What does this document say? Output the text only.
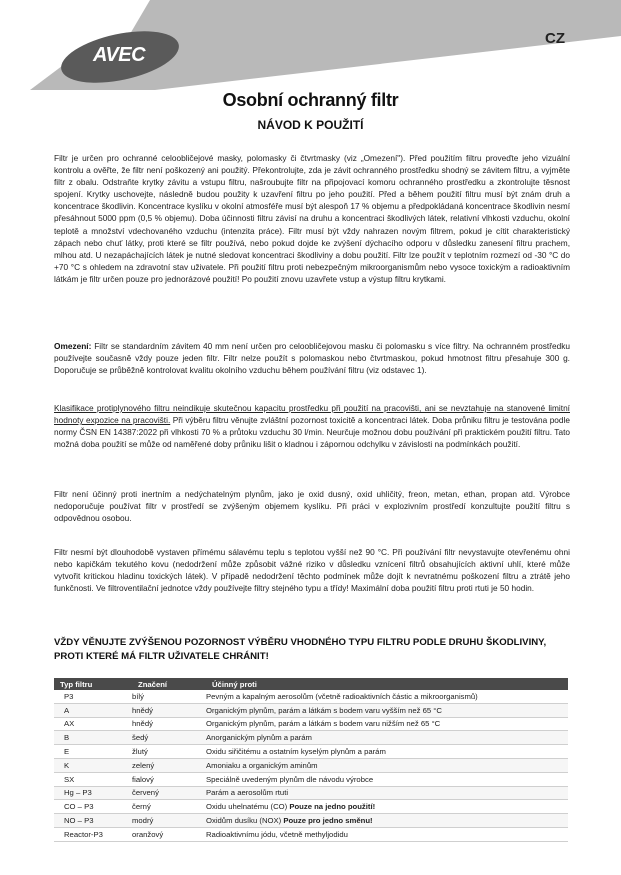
AVEC
CZ
Osobní ochranný filtr
NÁVOD K POUŽITÍ

Filtr je určen pro ochranné celoobličejové masky, polomasky či čtvrtmasky (viz „Omezení"). Před použitím filtru proveďte jeho vizuální kontrolu a ověřte, že filtr není poškozený ani použitý. Překontrolujte, zda je závit ochranného prostředku shodný se závitem filtru, a vyjměte filtr z obalu. Odstraňte krytky závitu a vstupu filtru, našroubujte filtr na připojovací komoru ochranného prostředku a zkontrolujte těsnost spojení. Krytky uschovejte, následně budou použity k uzavření filtru po jeho použití. Před a během použití filtru musí být znám druh a koncentrace škodlivin. Koncentrace kyslíku v okolní atmosféře musí být alespoň 17 % objemu a předpokládaná koncentrace škodlivin nesmí přesáhnout 5000 ppm (0,5 % objemu). Doba účinnosti filtru závisí na druhu a koncentraci škodlivých látek, relativní vlhkosti vzduchu, okolní teplotě a množství vdechovaného vzduchu (intenzita práce). Filtr musí být vždy nahrazen novým filtrem, pokud je cítit charakteristický zápach nebo chuť látky, proti které se filtr používá, nebo pokud dojde ke zvýšení dýchacího odporu v důsledku zanesení filtru prachem, mlhou atd. U nezapáchajících látek je nutné sledovat koncentraci škodliviny a dobu použití. Filtr lze použít v teplotním rozmezí od -30 °C do +70 °C s ohledem na zdravotní stav uživatele. Při použití filtru proti nebezpečným mikroorganismům nebo vysoce toxickým a radioaktivním látkám je filtr určen pouze pro jednorázové použití! Po použití znovu uzavřete vstup a výstup filtru krytkami.

Omezení: Filtr se standardním závitem 40 mm není určen pro celoobličejovou masku či polomasku s více filtry. Na ochranném prostředku používejte současně vždy pouze jeden filtr. Filtr nelze použít s polomaskou nebo čtvrtmaskou, pokud hmotnost filtru přesahuje 300 g. Doporučuje se průběžně kontrolovat kvalitu okolního vzduchu během používání filtru (viz odstavec 1).

Klasifikace protiplynového filtru neindikuje skutečnou kapacitu prostředku při použití na pracovišti, ani se nevztahuje na stanovené limitní hodnoty expozice na pracovišti. Při výběru filtru věnujte zvláštní pozornost toxicitě a koncentraci látek. Doba průniku filtru je testována podle normy ČSN EN 14387:2022 při vlhkosti 70 % a průtoku vzduchu 30 l/min. Neurčuje možnou dobu používání při praktickém použití filtru. Tato možná doba použití se může od naměřené doby průniku lišit o kladnou i zápornou odchylku v závislosti na podmínkách použití.

Filtr není účinný proti inertním a nedýchatelným plynům, jako je oxid dusný, oxid uhličitý, freon, metan, ethan, propan atd. Výrobce nedoporučuje používat filtr v prostředí se zvýšeným objemem kyslíku. Při práci v explozivním prostředí konzultujte použití filtru s odpovědnou osobou.

Filtr nesmí být dlouhodobě vystaven přímému sálavému teplu s teplotou vyšší než 90 °C. Při používání filtr nevystavujte otevřenému ohni nebo kapičkám tekutého kovu (nedodržení může způsobit vážné riziko v důsledku vznícení filtrů obsahujících aktivní uhlí, které může vytvořit kritickou hladinu toxických látek). V případě nedodržení těchto podmínek může dojít k nevratnému poškození filtru a ztrátě jeho funkčnosti. Ve filtroventilační jednotce vždy používejte filtry stejného typu a třídy! Maximální doba použití filtru proti rtuti je 50 hodin.

VŽDY VĚNUJTE ZVÝŠENOU POZORNOST VÝBĚRU VHODNÉHO TYPU FILTRU PODLE DRUHU ŠKODLIVINY, PROTI KTERÉ MÁ FILTR UŽIVATELE CHRÁNIT!

Typ filtru	Značení	Účinný proti
P3	bílý	Pevným a kapalným aerosolům (včetně radioaktivních částic a mikroorganismů)
A	hnědý	Organickým plynům, parám a látkám s bodem varu vyšším než 65 °C
AX	hnědý	Organickým plynům, parám a látkám s bodem varu nižším než 65 °C
B	šedý	Anorganickým plynům a parám
E	žlutý	Oxidu siřičitému a ostatním kyselým plynům a parám
K	zelený	Amoniaku a organickým aminům
SX	fialový	Speciálně uvedeným plynům dle návodu výrobce
Hg – P3	červený	Parám a aerosolům rtuti
CO – P3	černý	Oxidu uhelnatému (CO) Pouze na jedno použití!
NO – P3	modrý	Oxidům dusíku (NOX) Pouze pro jedno směnu!
Reactor-P3	oranžový	Radioaktivnímu jódu, včetně methyljodidu
